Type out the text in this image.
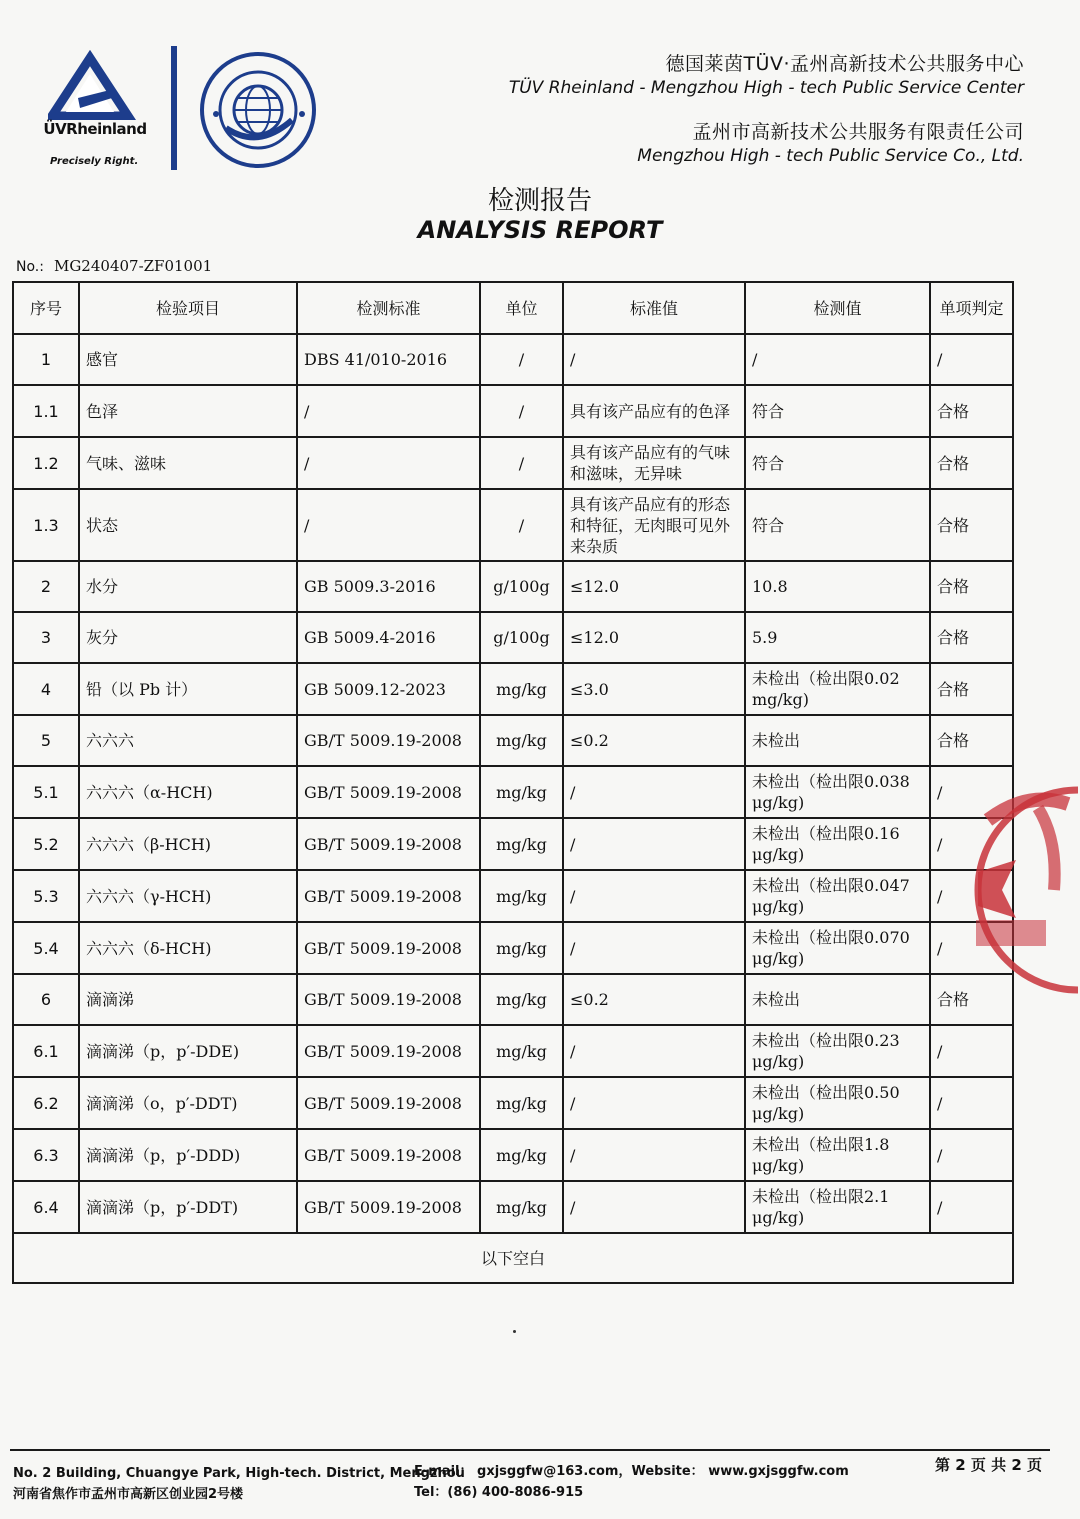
ÜVRheinland
Precisely Right.
德国莱茵TÜV·孟州高新技术公共服务中心
TÜV Rheinland - Mengzhou High - tech Public Service Center
孟州市高新技术公共服务有限责任公司
Mengzhou High - tech Public Service Co., Ltd.
检测报告
ANALYSIS REPORT
No.: MG240407-ZF01001
序号	检验项目	检测标准	单位	标准值	检测值	单项判定
1	感官	DBS 41/010-2016	/	/	/	/
1.1	色泽	/	/	具有该产品应有的色泽	符合	合格
1.2	气味、滋味	/	/	具有该产品应有的气味和滋味，无异味	符合	合格
1.3	状态	/	/	具有该产品应有的形态和特征，无肉眼可见外来杂质	符合	合格
2	水分	GB 5009.3-2016	g/100g	≤12.0	10.8	合格
3	灰分	GB 5009.4-2016	g/100g	≤12.0	5.9	合格
4	铅（以 Pb 计）	GB 5009.12-2023	mg/kg	≤3.0	未检出（检出限0.02 mg/kg)	合格
5	六六六	GB/T 5009.19-2008	mg/kg	≤0.2	未检出	合格
5.1	六六六（α-HCH)	GB/T 5009.19-2008	mg/kg	/	未检出（检出限0.038 μg/kg)	/
5.2	六六六（β-HCH)	GB/T 5009.19-2008	mg/kg	/	未检出（检出限0.16 μg/kg)	/
5.3	六六六（γ-HCH)	GB/T 5009.19-2008	mg/kg	/	未检出（检出限0.047 μg/kg)	/
5.4	六六六（δ-HCH)	GB/T 5009.19-2008	mg/kg	/	未检出（检出限0.070 μg/kg)	/
6	滴滴涕	GB/T 5009.19-2008	mg/kg	≤0.2	未检出	合格
6.1	滴滴涕（p，p′-DDE)	GB/T 5009.19-2008	mg/kg	/	未检出（检出限0.23 μg/kg)	/
6.2	滴滴涕（o，p′-DDT)	GB/T 5009.19-2008	mg/kg	/	未检出（检出限0.50 μg/kg)	/
6.3	滴滴涕（p，p′-DDD)	GB/T 5009.19-2008	mg/kg	/	未检出（检出限1.8 μg/kg)	/
6.4	滴滴涕（p，p′-DDT)	GB/T 5009.19-2008	mg/kg	/	未检出（检出限2.1 μg/kg)	/
以下空白						
No. 2 Building, Chuangye Park, High-tech. District, Mengzhou
河南省焦作市孟州市高新区创业园2号楼
E-mail： gxjsggfw@163.com，Website： www.gxjsggfw.com
Tel：(86) 400-8086-915
第 2 页 共 2 页
